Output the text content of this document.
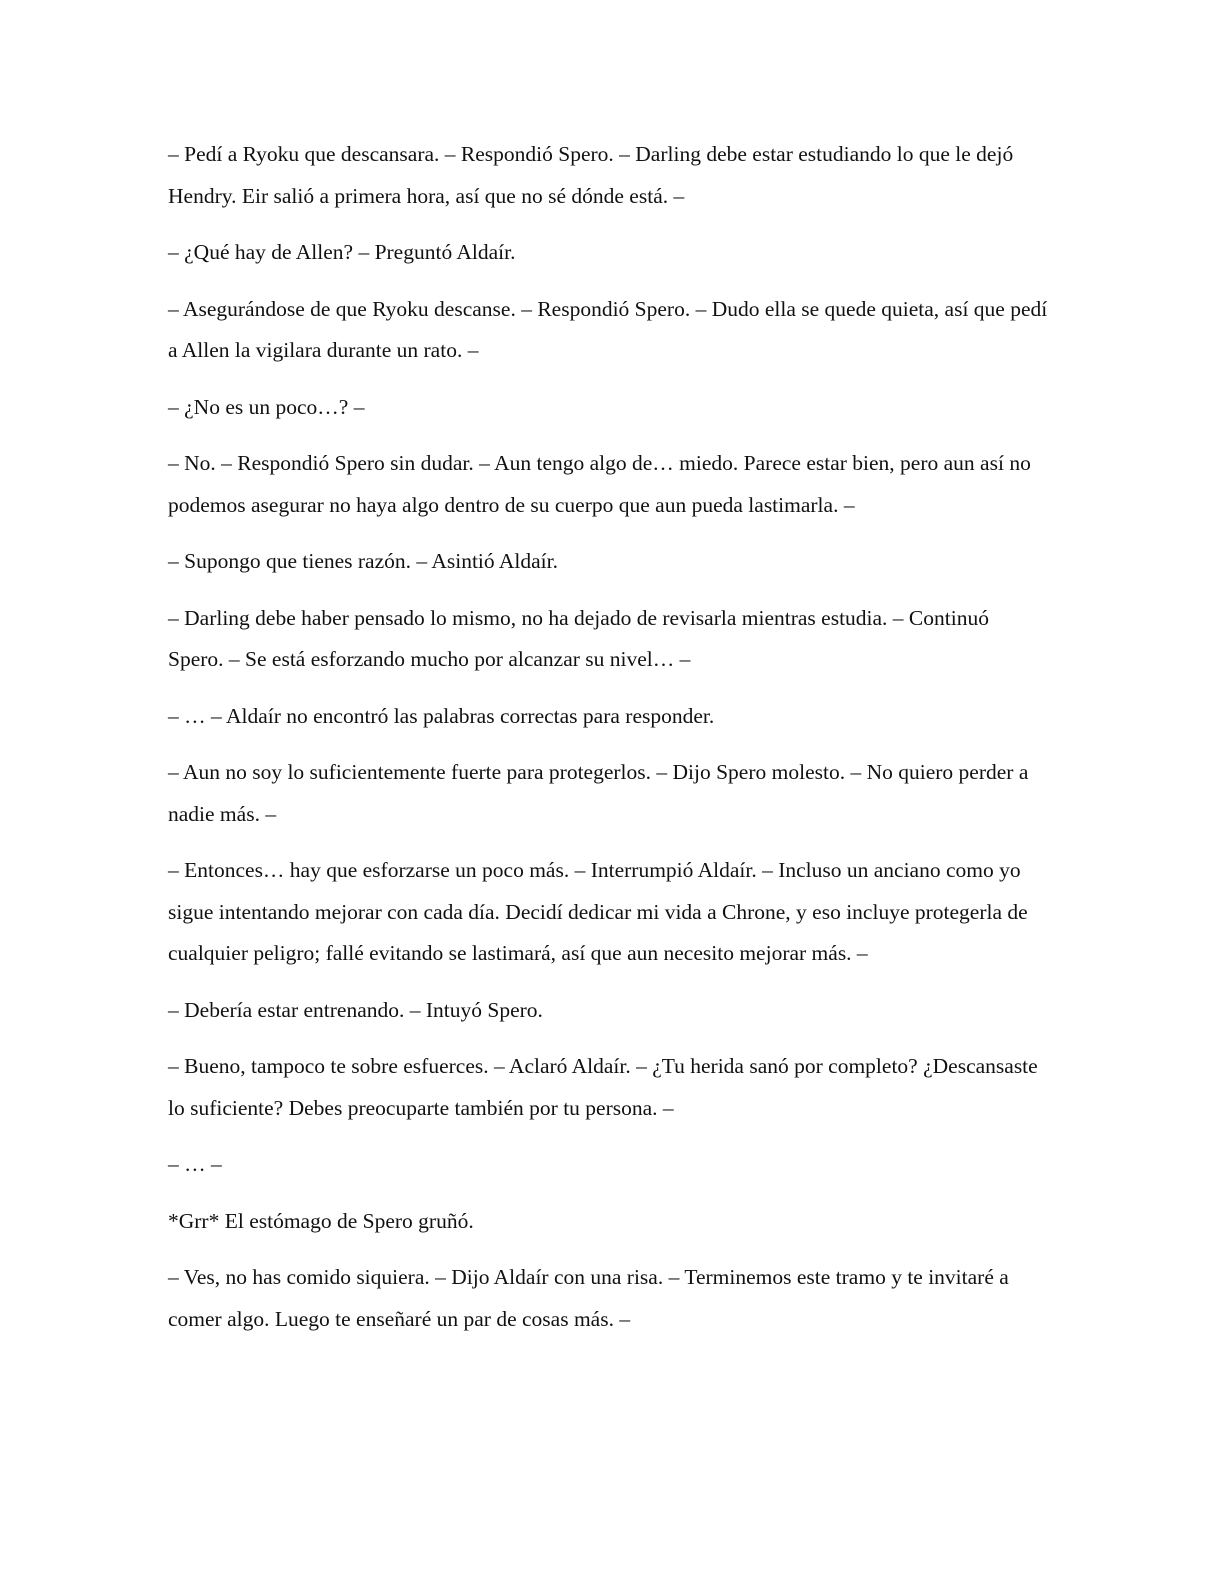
– Pedí a Ryoku que descansara. – Respondió Spero. – Darling debe estar estudiando lo que le dejó Hendry. Eir salió a primera hora, así que no sé dónde está. –

– ¿Qué hay de Allen? – Preguntó Aldaír.

– Asegurándose de que Ryoku descanse. – Respondió Spero. – Dudo ella se quede quieta, así que pedí a Allen la vigilara durante un rato. –

– ¿No es un poco…? –

– No. – Respondió Spero sin dudar. – Aun tengo algo de… miedo. Parece estar bien, pero aun así no podemos asegurar no haya algo dentro de su cuerpo que aun pueda lastimarla. –

– Supongo que tienes razón. – Asintió Aldaír.

– Darling debe haber pensado lo mismo, no ha dejado de revisarla mientras estudia. – Continuó Spero. – Se está esforzando mucho por alcanzar su nivel… –

– … – Aldaír no encontró las palabras correctas para responder.

– Aun no soy lo suficientemente fuerte para protegerlos. – Dijo Spero molesto. – No quiero perder a nadie más. –

– Entonces… hay que esforzarse un poco más. – Interrumpió Aldaír. – Incluso un anciano como yo sigue intentando mejorar con cada día. Decidí dedicar mi vida a Chrone, y eso incluye protegerla de cualquier peligro; fallé evitando se lastimará, así que aun necesito mejorar más. –

– Debería estar entrenando. – Intuyó Spero.

– Bueno, tampoco te sobre esfuerces. – Aclaró Aldaír. – ¿Tu herida sanó por completo? ¿Descansaste lo suficiente? Debes preocuparte también por tu persona. –

– … –

*Grr* El estómago de Spero gruñó.

– Ves, no has comido siquiera. – Dijo Aldaír con una risa. – Terminemos este tramo y te invitaré a comer algo. Luego te enseñaré un par de cosas más. –
